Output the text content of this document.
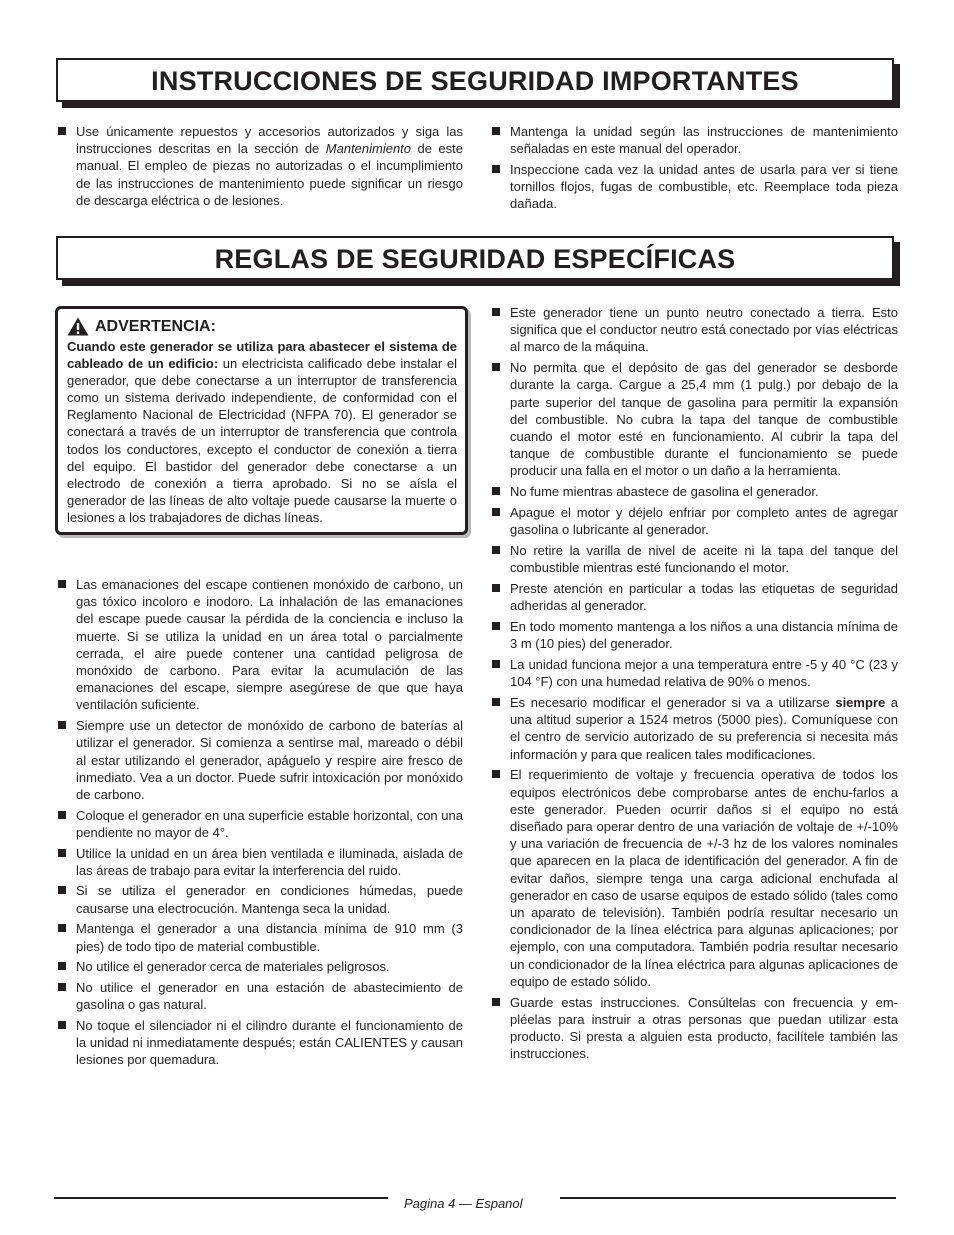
INSTRUCCIONES DE SEGURIDAD IMPORTANTES
Use únicamente repuestos y accesorios autorizados y siga las instrucciones descritas en la sección de Mantenimiento de este manual. El empleo de piezas no autorizadas o el incumplimiento de las instrucciones de mantenimiento puede significar un riesgo de descarga eléctrica o de lesiones.
Mantenga la unidad según las instrucciones de mantenimiento señaladas en este manual del operador.
Inspeccione cada vez la unidad antes de usarla para ver si tiene tornillos flojos, fugas de combustible, etc. Reemplace toda pieza dañada.
REGLAS DE SEGURIDAD ESPECÍFICAS
ADVERTENCIA:
Cuando este generador se utiliza para abastecer el sistema de cableado de un edificio: un electricista calificado debe instalar el generador, que debe conectarse a un interruptor de transferencia como un sistema derivado independiente, de conformidad con el Reglamento Nacional de Electricidad (NFPA 70). El generador se conectará a través de un interruptor de transferencia que controla todos los conductores, excepto el conductor de conexión a tierra del equipo. El bastidor del generador debe conectarse a un electrodo de conexión a tierra aprobado. Si no se aísla el generador de las líneas de alto voltaje puede causarse la muerte o lesiones a los trabajadores de dichas líneas.
Las emanaciones del escape contienen monóxido de carbono, un gas tóxico incoloro e inodoro. La inhalación de las emanaciones del escape puede causar la pérdida de la conciencia e incluso la muerte. Si se utiliza la unidad en un área total o parcialmente cerrada, el aire puede contener una cantidad peligrosa de monóxido de carbono. Para evitar la acumulación de las emanaciones del escape, siempre asegúrese de que que haya ventilación suficiente.
Siempre use un detector de monóxido de carbono de baterías al utilizar el generador. Si comienza a sentirse mal, mareado o débil al estar utilizando el generador, apáguelo y respire aire fresco de inmediato. Vea a un doctor. Puede sufrir intoxicación por monóxido de carbono.
Coloque el generador en una superficie estable horizontal, con una pendiente no mayor de 4°.
Utilice la unidad en un área bien ventilada e iluminada, aislada de las áreas de trabajo para evitar la interferencia del ruido.
Si se utiliza el generador en condiciones húmedas, puede causarse una electrocución. Mantenga seca la unidad.
Mantenga el generador a una distancia mínima de 910 mm (3 pies) de todo tipo de material combustible.
No utilice el generador cerca de materiales peligrosos.
No utilice el generador en una estación de abastecimiento de gasolina o gas natural.
No toque el silenciador ni el cilindro durante el funcionamiento de la unidad ni inmediatamente después; están CALIENTES y causan lesiones por quemadura.
Este generador tiene un punto neutro conectado a tierra. Esto significa que el conductor neutro está conectado por vías eléctricas al marco de la máquina.
No permita que el depósito de gas del generador se desborde durante la carga. Cargue a 25,4 mm (1 pulg.) por debajo de la parte superior del tanque de gasolina para permitir la expansión del combustible. No cubra la tapa del tanque de combustible cuando el motor esté en funcionamiento. Al cubrir la tapa del tanque de combustible durante el funcionamiento se puede producir una falla en el motor o un daño a la herramienta.
No fume mientras abastece de gasolina el generador.
Apague el motor y déjelo enfriar por completo antes de agregar gasolina o lubricante al generador.
No retire la varilla de nivel de aceite ni la tapa del tanque del combustible mientras esté funcionando el motor.
Preste atención en particular a todas las etiquetas de seguridad adheridas al generador.
En todo momento mantenga a los niños a una distancia mínima de 3 m (10 pies) del generador.
La unidad funciona mejor a una temperatura entre -5 y 40 °C (23 y 104 °F) con una humedad relativa de 90% o menos.
Es necesario modificar el generador si va a utilizarse siempre a una altitud superior a 1524 metros (5000 pies). Comuníquese con el centro de servicio autorizado de su preferencia si necesita más información y para que realicen tales modificaciones.
El requerimiento de voltaje y frecuencia operativa de todos los equipos electrónicos debe comprobarse antes de enchu-farlos a este generador. Pueden ocurrir daños si el equipo no está diseñado para operar dentro de una variación de voltaje de +/-10% y una variación de frecuencia de +/-3 hz de los valores nominales que aparecen en la placa de identificación del generador. A fin de evitar daños, siempre tenga una carga adicional enchufada al generador en caso de usarse equipos de estado sólido (tales como un aparato de televisión). También podría resultar necesario un condicionador de la línea eléctrica para algunas aplicaciones; por ejemplo, con una computadora. También podria resultar necesario un condicionador de la línea eléctrica para algunas aplicaciones de equipo de estado sólido.
Guarde estas instrucciones. Consúltelas con frecuencia y em-pléelas para instruir a otras personas que puedan utilizar esta producto. Si presta a alguien esta producto, facilítele también las instrucciones.
Pagina 4 — Espanol
